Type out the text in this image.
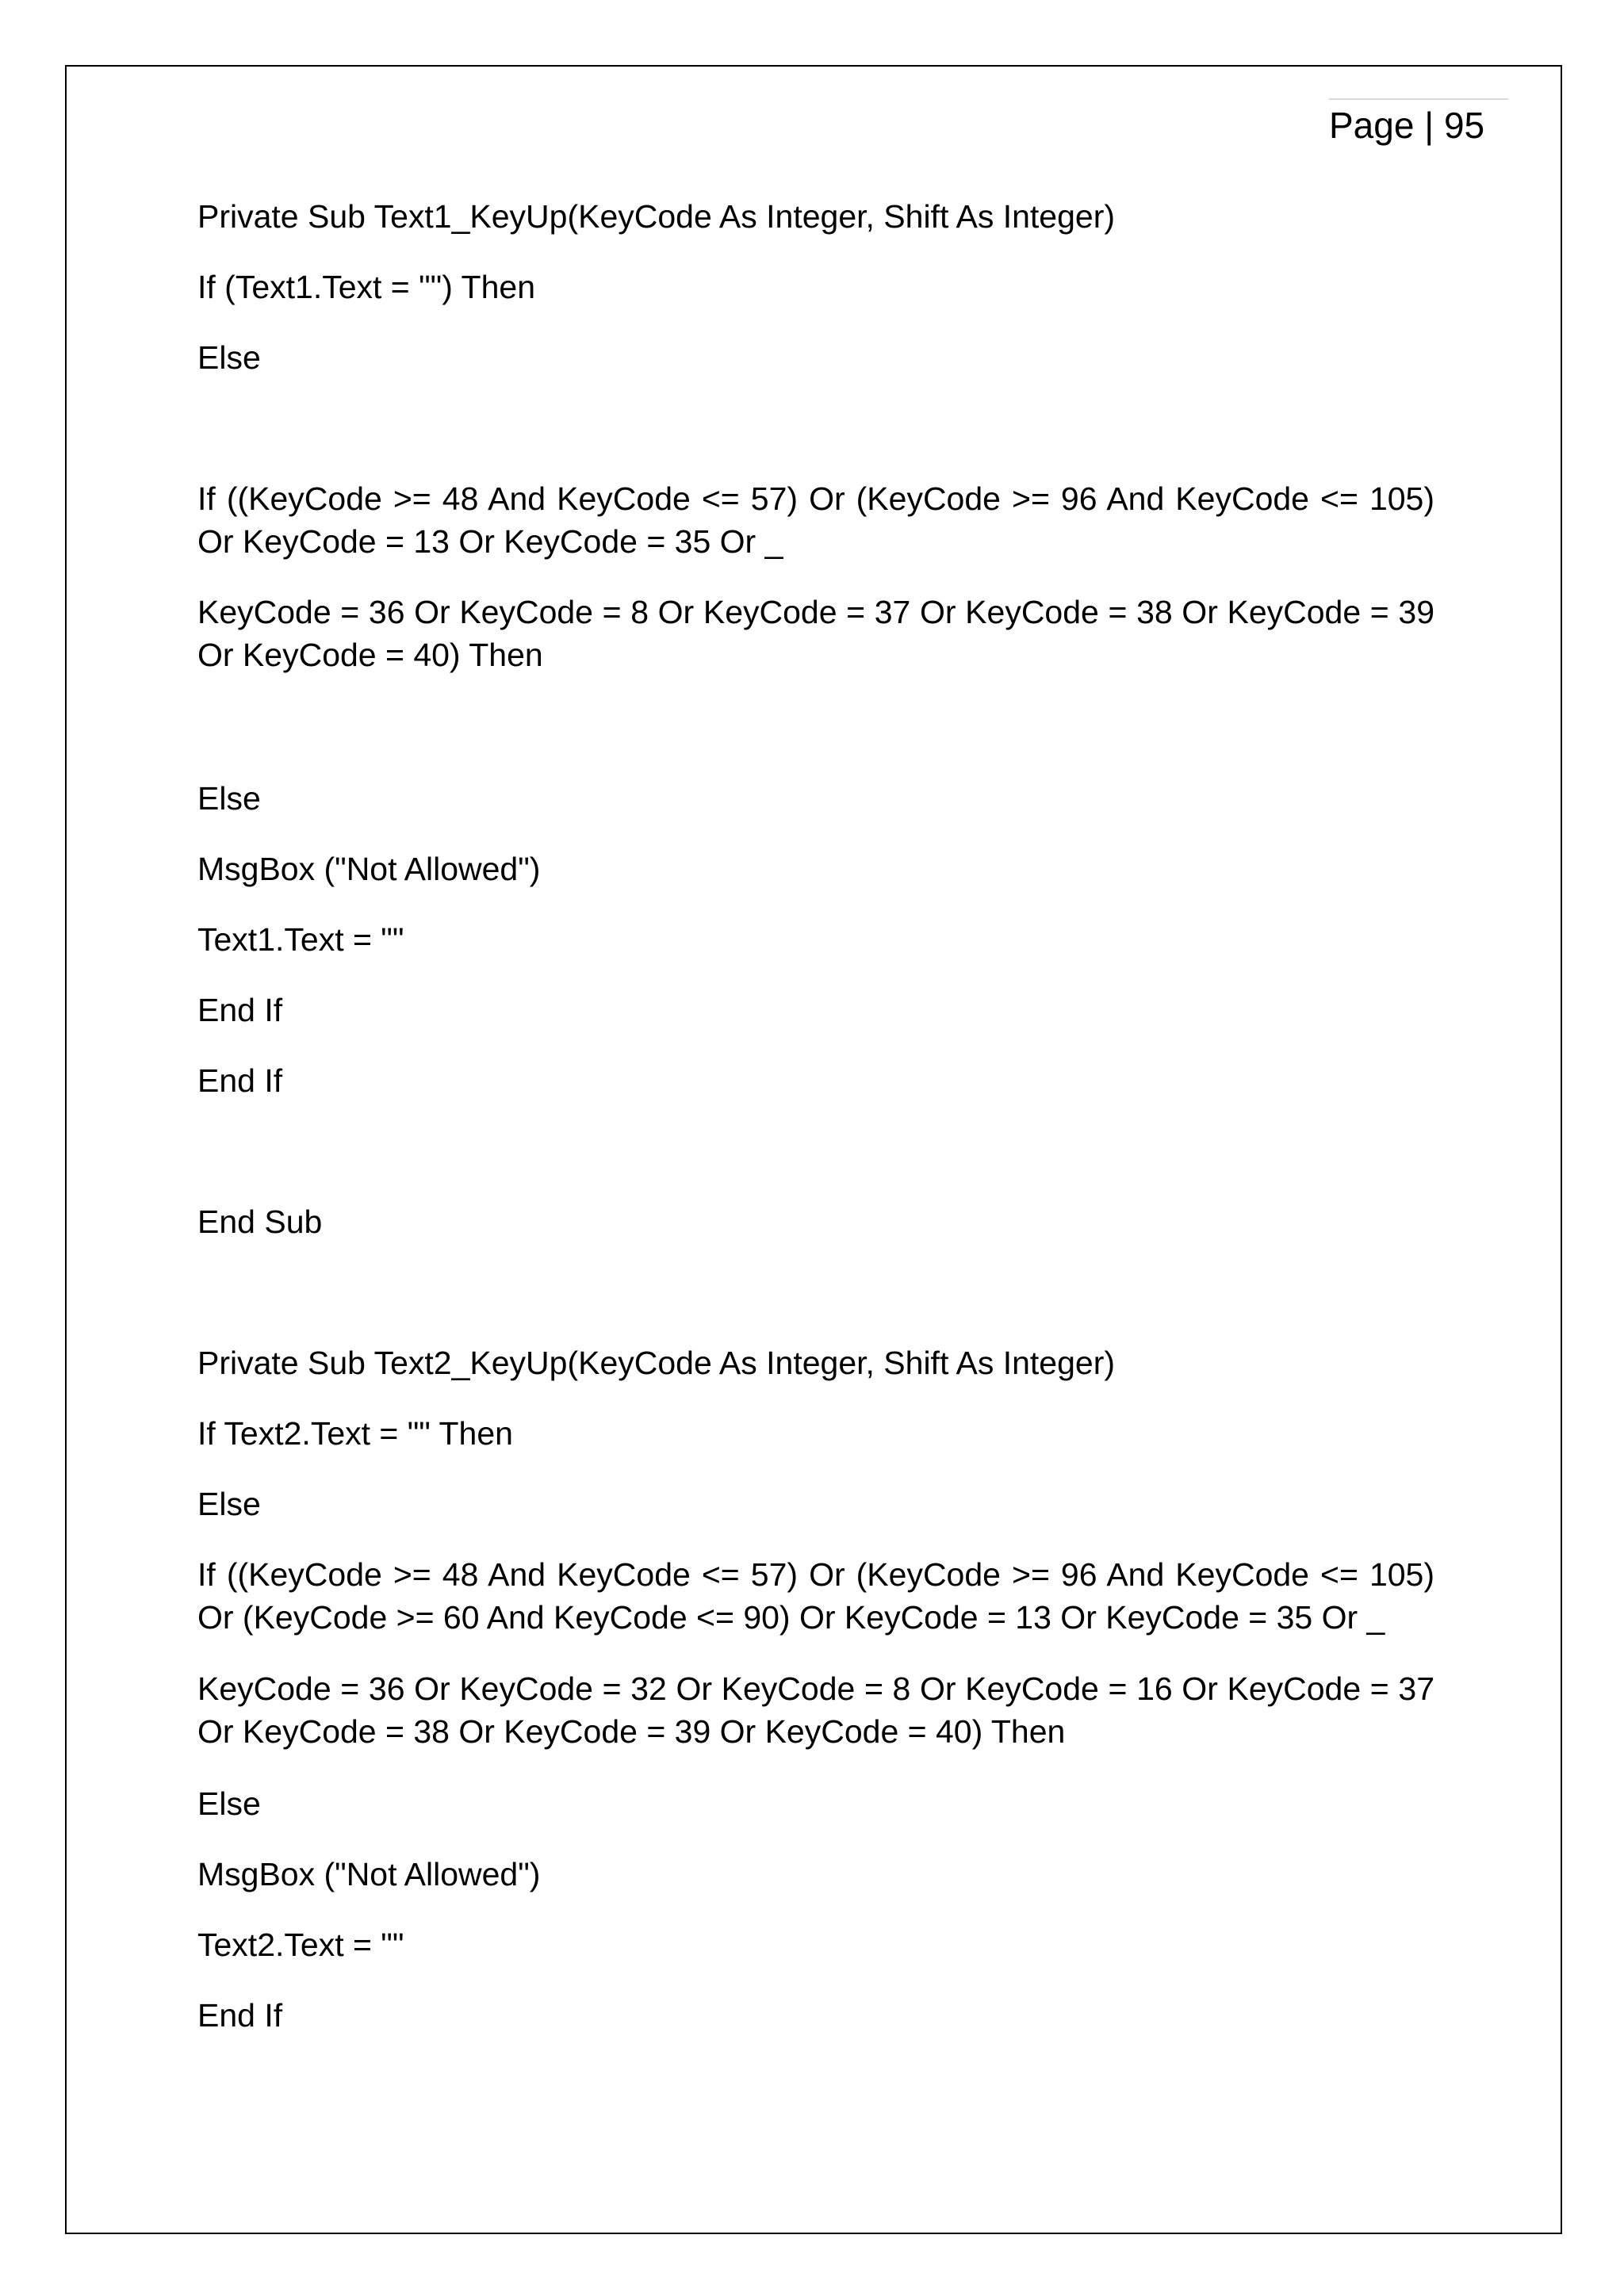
Page | 95
Private Sub Text1_KeyUp(KeyCode As Integer, Shift As Integer)
If (Text1.Text = "") Then
Else
If ((KeyCode >= 48 And KeyCode <= 57) Or (KeyCode >= 96 And KeyCode <= 105) Or KeyCode = 13 Or KeyCode = 35 Or _
KeyCode = 36 Or KeyCode = 8 Or KeyCode = 37 Or KeyCode = 38 Or KeyCode = 39 Or KeyCode = 40) Then
Else
MsgBox ("Not Allowed")
Text1.Text = ""
End If
End If
End Sub
Private Sub Text2_KeyUp(KeyCode As Integer, Shift As Integer)
If Text2.Text = "" Then
Else
If ((KeyCode >= 48 And KeyCode <= 57) Or (KeyCode >= 96 And KeyCode <= 105) Or (KeyCode >= 60 And KeyCode <= 90) Or KeyCode = 13 Or KeyCode = 35 Or _
KeyCode = 36 Or KeyCode = 32 Or KeyCode = 8 Or KeyCode = 16 Or KeyCode = 37 Or KeyCode = 38 Or KeyCode = 39 Or KeyCode = 40) Then
Else
MsgBox ("Not Allowed")
Text2.Text = ""
End If
